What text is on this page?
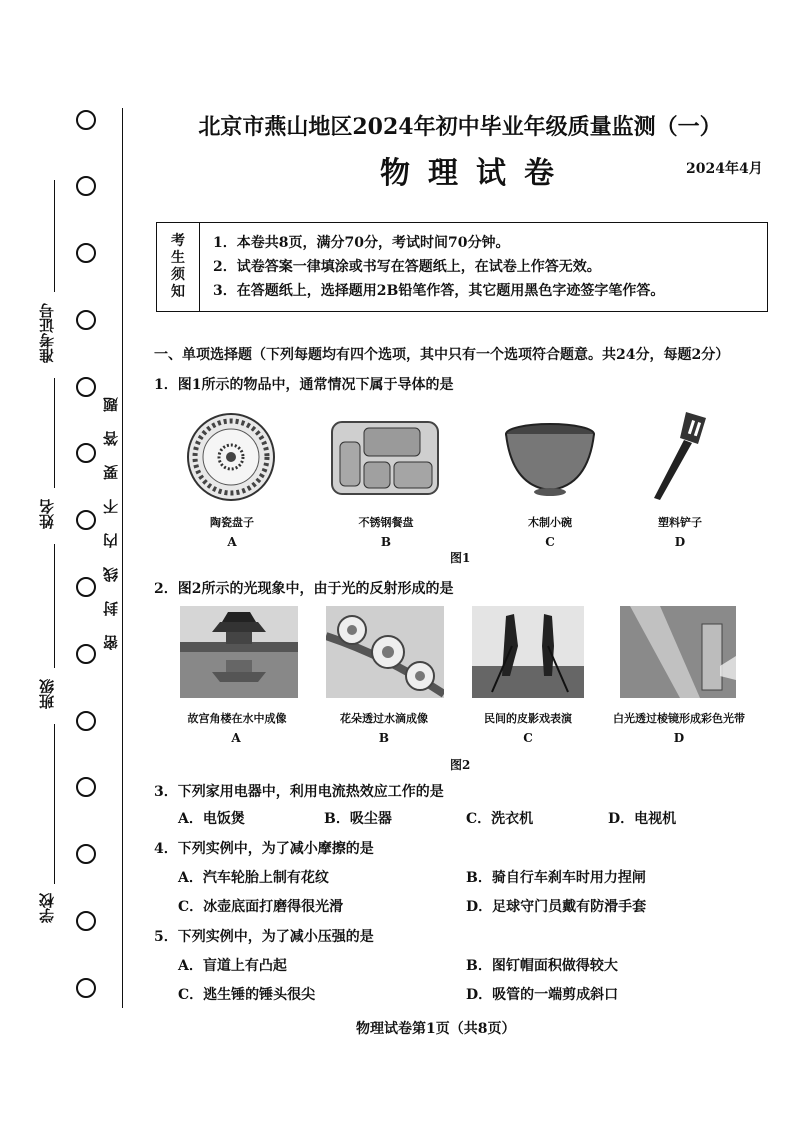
准考证号
姓名
班级
学校
密封线内不要答题
北京市燕山地区2024年初中毕业年级质量监测（一）
物理试卷	2024年4月
考
生
须
知
1．本卷共8页，满分70分，考试时间70分钟。
2．试卷答案一律填涂或书写在答题纸上，在试卷上作答无效。
3．在答题纸上，选择题用2B铅笔作答，其它题用黑色字迹签字笔作答。
一、单项选择题（下列每题均有四个选项，其中只有一个选项符合题意。共24分，每题2分）
1．图1所示的物品中，通常情况下属于导体的是
陶瓷盘子	不锈钢餐盘	木制小碗	塑料铲子
A	B	C	D
图1
2．图2所示的光现象中，由于光的反射形成的是
故宫角楼在水中成像	花朵透过水滴成像	民间的皮影戏表演	白光透过棱镜形成彩色光带
A	B	C	D
图2
3．下列家用电器中，利用电流热效应工作的是
A．电饭煲	B．吸尘器	C．洗衣机	D．电视机
4．下列实例中，为了减小摩擦的是
A．汽车轮胎上制有花纹	B．骑自行车刹车时用力捏闸
C．冰壶底面打磨得很光滑	D．足球守门员戴有防滑手套
5．下列实例中，为了减小压强的是
A．盲道上有凸起	B．图钉帽面积做得较大
C．逃生锤的锤头很尖	D．吸管的一端剪成斜口
物理试卷第1页（共8页）
